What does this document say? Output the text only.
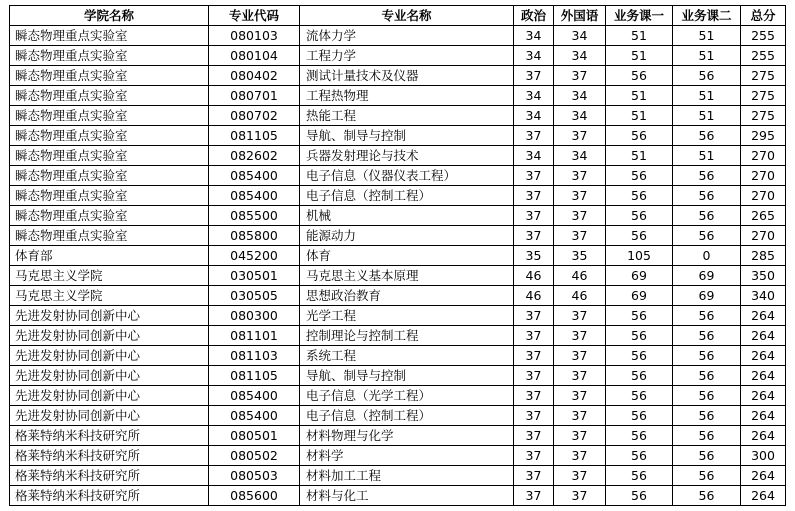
学院名称	专业代码	专业名称	政治	外国语	业务课一	业务课二	总分
瞬态物理重点实验室	080103	流体力学	34	34	51	51	255
瞬态物理重点实验室	080104	工程力学	34	34	51	51	255
瞬态物理重点实验室	080402	测试计量技术及仪器	37	37	56	56	275
瞬态物理重点实验室	080701	工程热物理	34	34	51	51	275
瞬态物理重点实验室	080702	热能工程	34	34	51	51	275
瞬态物理重点实验室	081105	导航、制导与控制	37	37	56	56	295
瞬态物理重点实验室	082602	兵器发射理论与技术	34	34	51	51	270
瞬态物理重点实验室	085400	电子信息（仪器仪表工程）	37	37	56	56	270
瞬态物理重点实验室	085400	电子信息（控制工程）	37	37	56	56	270
瞬态物理重点实验室	085500	机械	37	37	56	56	265
瞬态物理重点实验室	085800	能源动力	37	37	56	56	270
体育部	045200	体育	35	35	105	0	285
马克思主义学院	030501	马克思主义基本原理	46	46	69	69	350
马克思主义学院	030505	思想政治教育	46	46	69	69	340
先进发射协同创新中心	080300	光学工程	37	37	56	56	264
先进发射协同创新中心	081101	控制理论与控制工程	37	37	56	56	264
先进发射协同创新中心	081103	系统工程	37	37	56	56	264
先进发射协同创新中心	081105	导航、制导与控制	37	37	56	56	264
先进发射协同创新中心	085400	电子信息（光学工程）	37	37	56	56	264
先进发射协同创新中心	085400	电子信息（控制工程）	37	37	56	56	264
格莱特纳米科技研究所	080501	材料物理与化学	37	37	56	56	264
格莱特纳米科技研究所	080502	材料学	37	37	56	56	300
格莱特纳米科技研究所	080503	材料加工工程	37	37	56	56	264
格莱特纳米科技研究所	085600	材料与化工	37	37	56	56	264
